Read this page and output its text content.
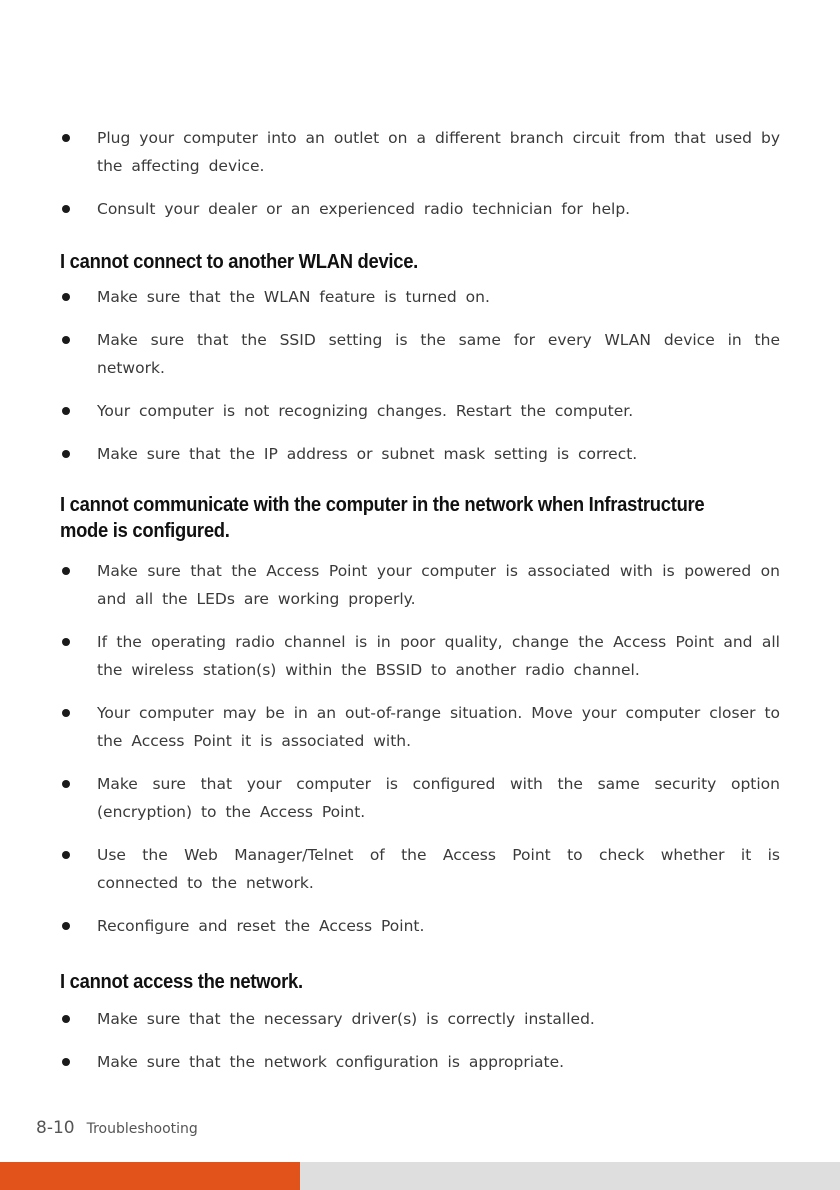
Plug your computer into an outlet on a different branch circuit from that used by the affecting device.
Consult your dealer or an experienced radio technician for help.
I cannot connect to another WLAN device.
Make sure that the WLAN feature is turned on.
Make sure that the SSID setting is the same for every WLAN device in the network.
Your computer is not recognizing changes. Restart the computer.
Make sure that the IP address or subnet mask setting is correct.
I cannot communicate with the computer in the network when Infrastructure mode is configured.
Make sure that the Access Point your computer is associated with is powered on and all the LEDs are working properly.
If the operating radio channel is in poor quality, change the Access Point and all the wireless station(s) within the BSSID to another radio channel.
Your computer may be in an out-of-range situation. Move your computer closer to the Access Point it is associated with.
Make sure that your computer is configured with the same security option (encryption) to the Access Point.
Use the Web Manager/Telnet of the Access Point to check whether it is connected to the network.
Reconfigure and reset the Access Point.
I cannot access the network.
Make sure that the necessary driver(s) is correctly installed.
Make sure that the network configuration is appropriate.
8-10 Troubleshooting
